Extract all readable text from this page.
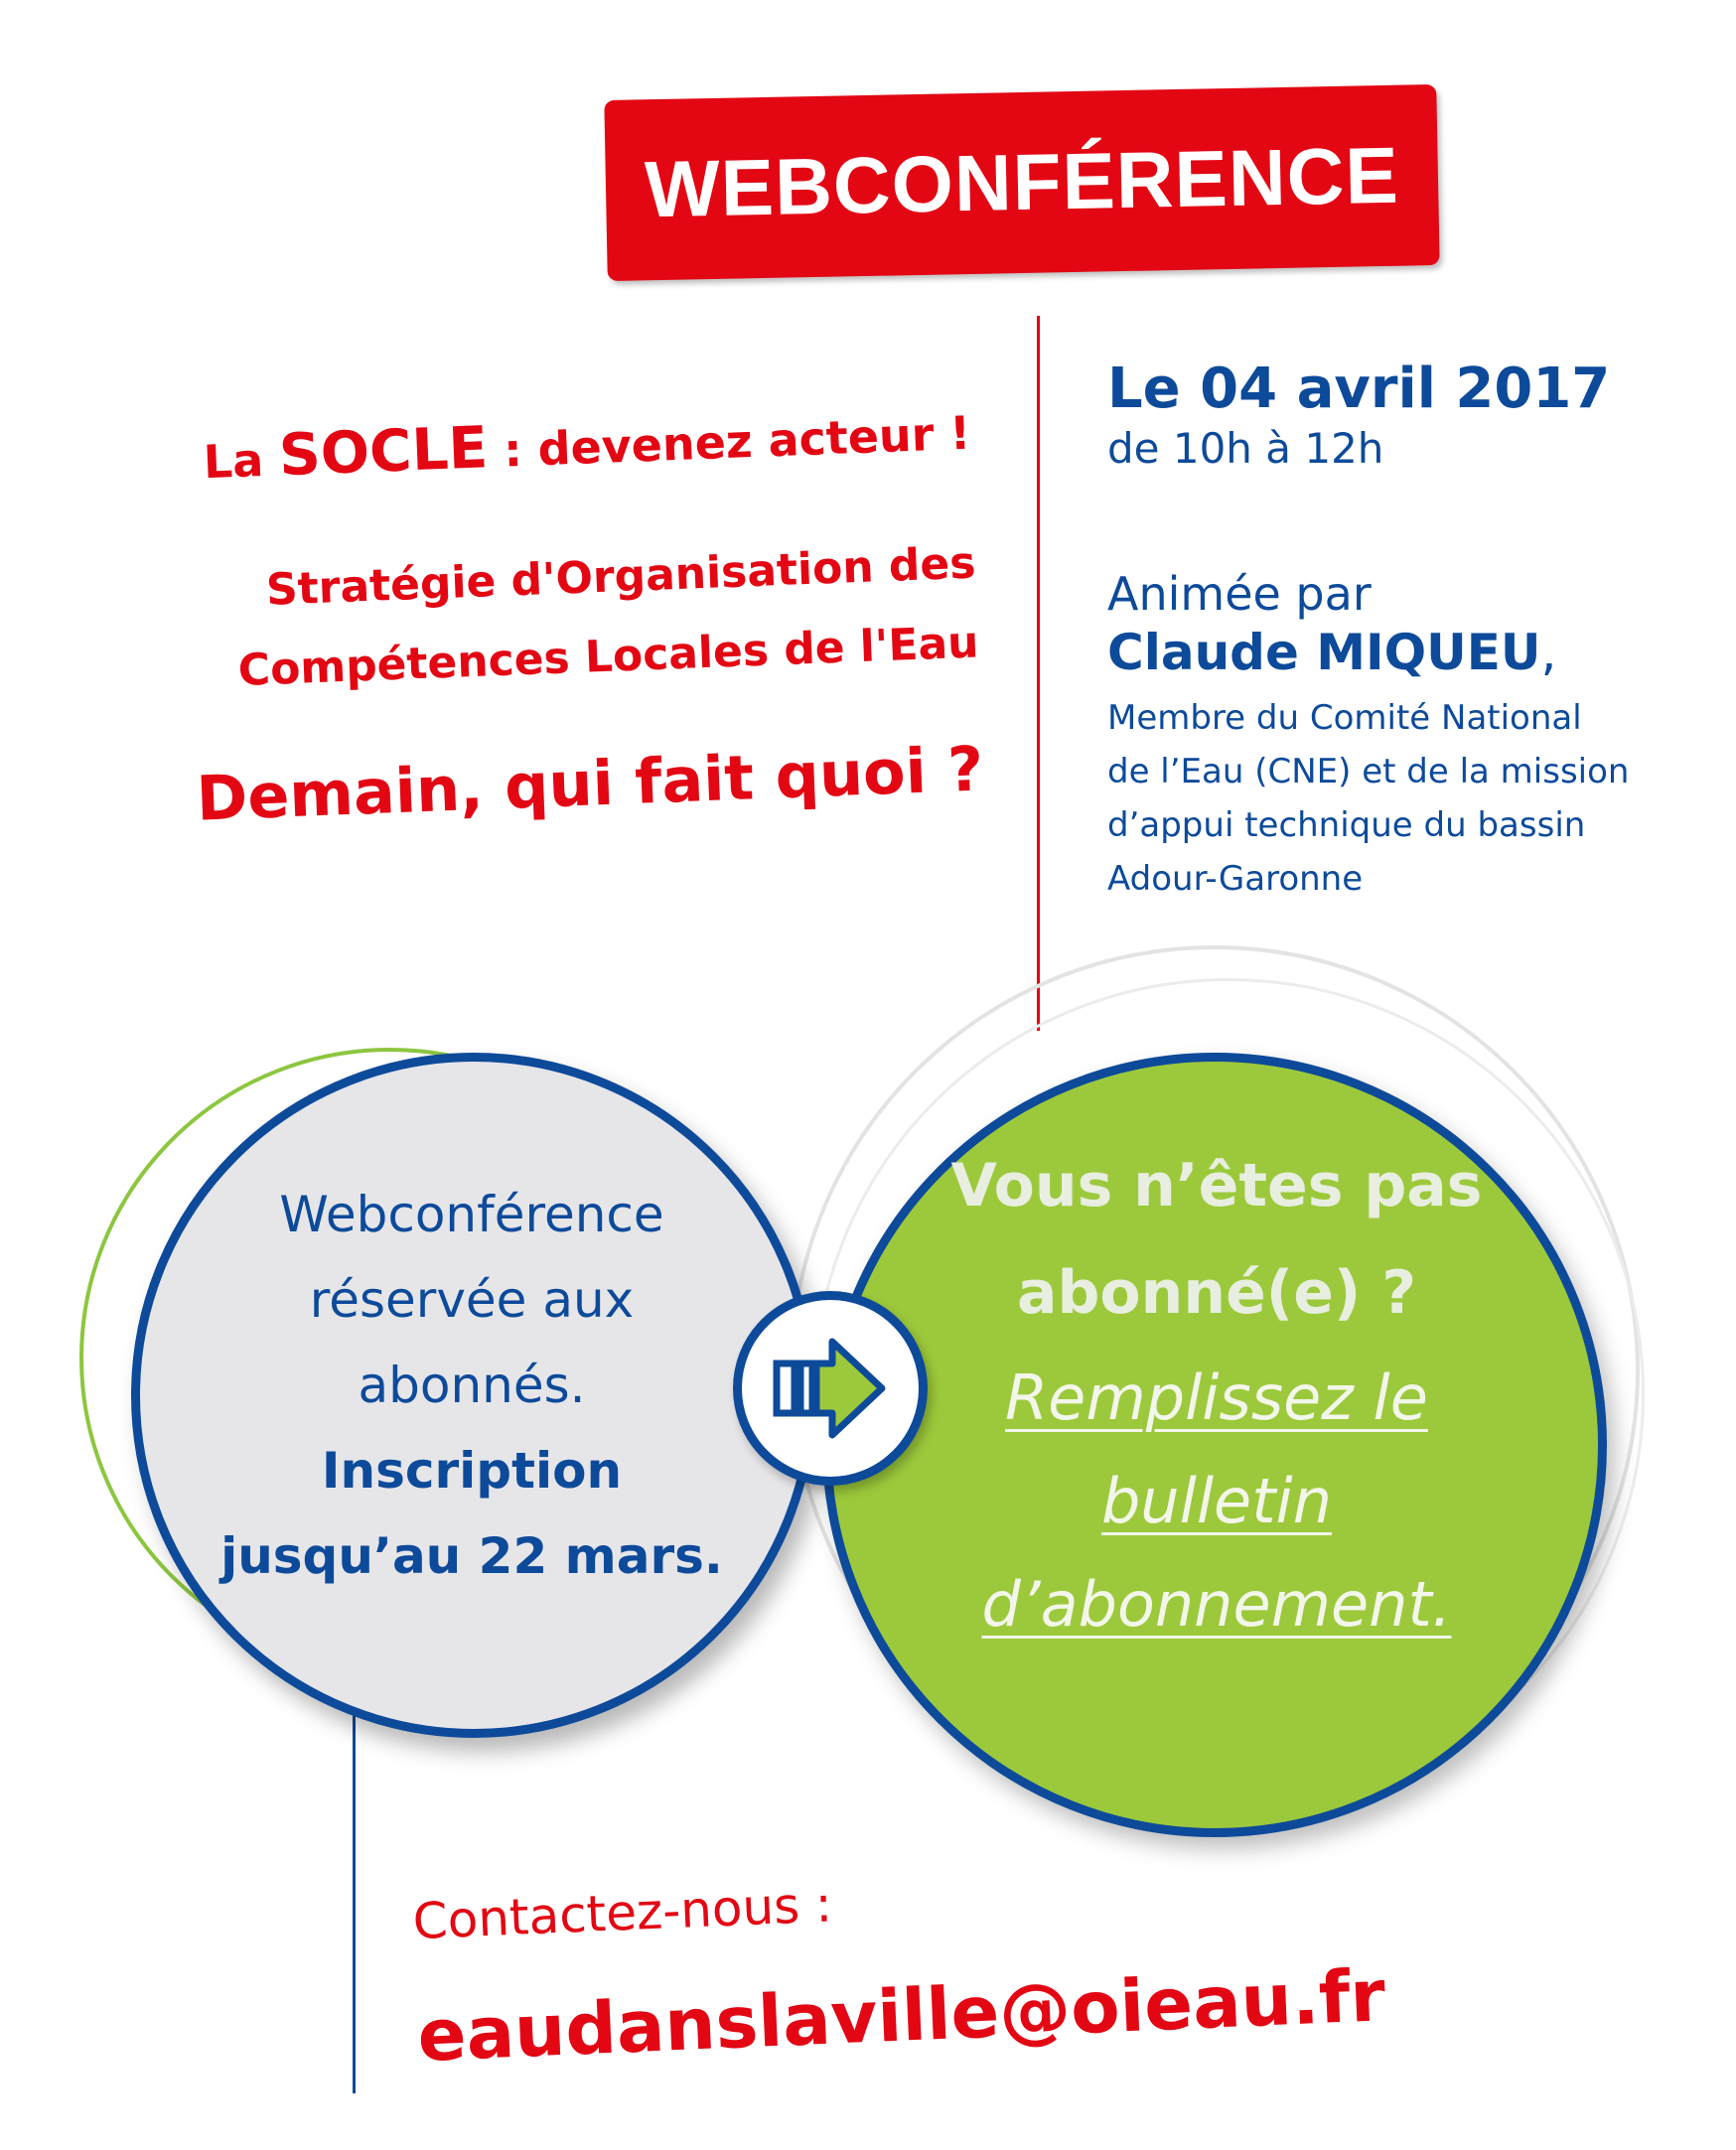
WEBCONFÉRENCE
La SOCLE : devenez acteur !
Stratégie d'Organisation des
Compétences Locales de l'Eau
Demain, qui fait quoi ?
Le 04 avril 2017
de 10h à 12h
Animée par
Claude MIQUEU,
Membre du Comité National
de l’Eau (CNE) et de la mission
d’appui technique du bassin
Adour-Garonne
Webconférence
réservée aux
abonnés.
Inscription
jusqu’au 22 mars.
Vous n’êtes pas
abonné(e) ?
Remplissez le
bulletin
d’abonnement.
Contactez-nous :
eaudanslaville@oieau.fr
